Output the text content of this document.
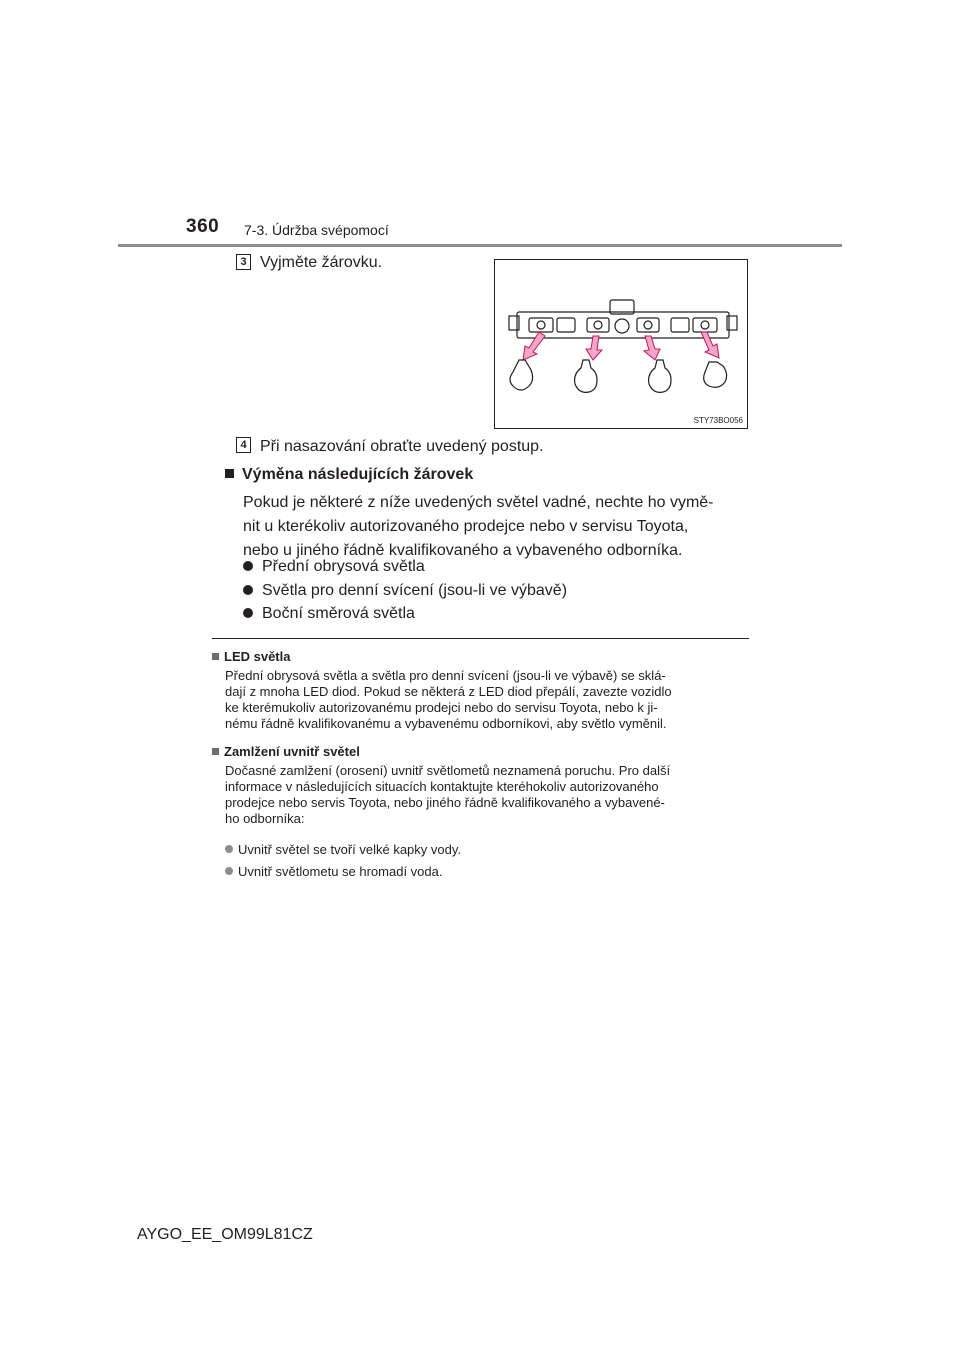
360 7-3. Údržba svépomocí
3 Vyjměte žárovku.
STY73BO056
4 Při nasazování obraťte uvedený postup.
Výměna následujících žárovek
Pokud je některé z níže uvedených světel vadné, nechte ho vymě-
nit u kterékoliv autorizovaného prodejce nebo v servisu Toyota,
nebo u jiného řádně kvalifikovaného a vybaveného odborníka.
Přední obrysová světla
Světla pro denní svícení (jsou-li ve výbavě)
Boční směrová světla
LED světla
Přední obrysová světla a světla pro denní svícení (jsou-li ve výbavě) se sklá-
dají z mnoha LED diod. Pokud se některá z LED diod přepálí, zavezte vozidlo
ke kterémukoliv autorizovanému prodejci nebo do servisu Toyota, nebo k ji-
nému řádně kvalifikovanému a vybavenému odborníkovi, aby světlo vyměnil.
Zamlžení uvnitř světel
Dočasné zamlžení (orosení) uvnitř světlometů neznamená poruchu. Pro další
informace v následujících situacích kontaktujte kteréhokoliv autorizovaného
prodejce nebo servis Toyota, nebo jiného řádně kvalifikovaného a vybavené-
ho odborníka:
Uvnitř světel se tvoří velké kapky vody.
Uvnitř světlometu se hromadí voda.
AYGO_EE_OM99L81CZ
